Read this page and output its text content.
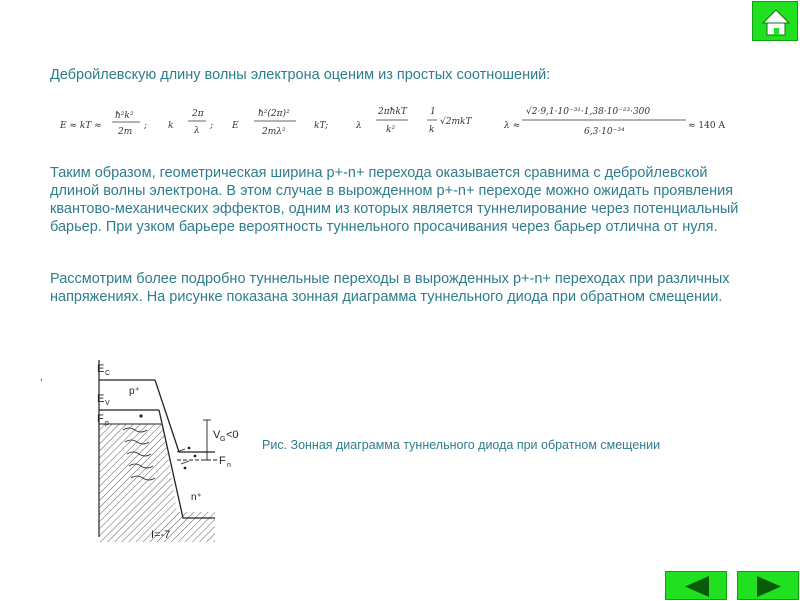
Дебройлевскую длину волны электрона оценим из простых соотношений:

E ≈ kT ≈
ħ²k²
2m
; k
2π
λ ; E
ħ²(2π)²
2mλ²
kT;	λ
2πħkT
k²
1
k
√2mkT	λ ≈
√2·9,1·10⁻³¹·1,38·10⁻²³·300
6,3·10⁻³⁴
≈ 140 A

Таким образом, геометрическая ширина p+-n+ перехода оказывается сравнима с дебройлевской длиной волны электрона. В этом случае в вырожденном p+-n+ переходе можно ожидать проявления квантово-механических эффектов, одним из которых является туннелирование через потенциальный барьер. При узком барьере вероятность туннельного просачивания через барьер отлична от нуля.

Рассмотрим более подробно туннельные переходы в вырожденных p+-n+ переходах при различных напряжениях. На рисунке показана зонная диаграмма туннельного диода при обратном смещении.

,
E C
p⁺
E V
F p
V G <0
F n
n⁺
I=-7

Рис. Зонная диаграмма туннельного диода при обратном смещении
